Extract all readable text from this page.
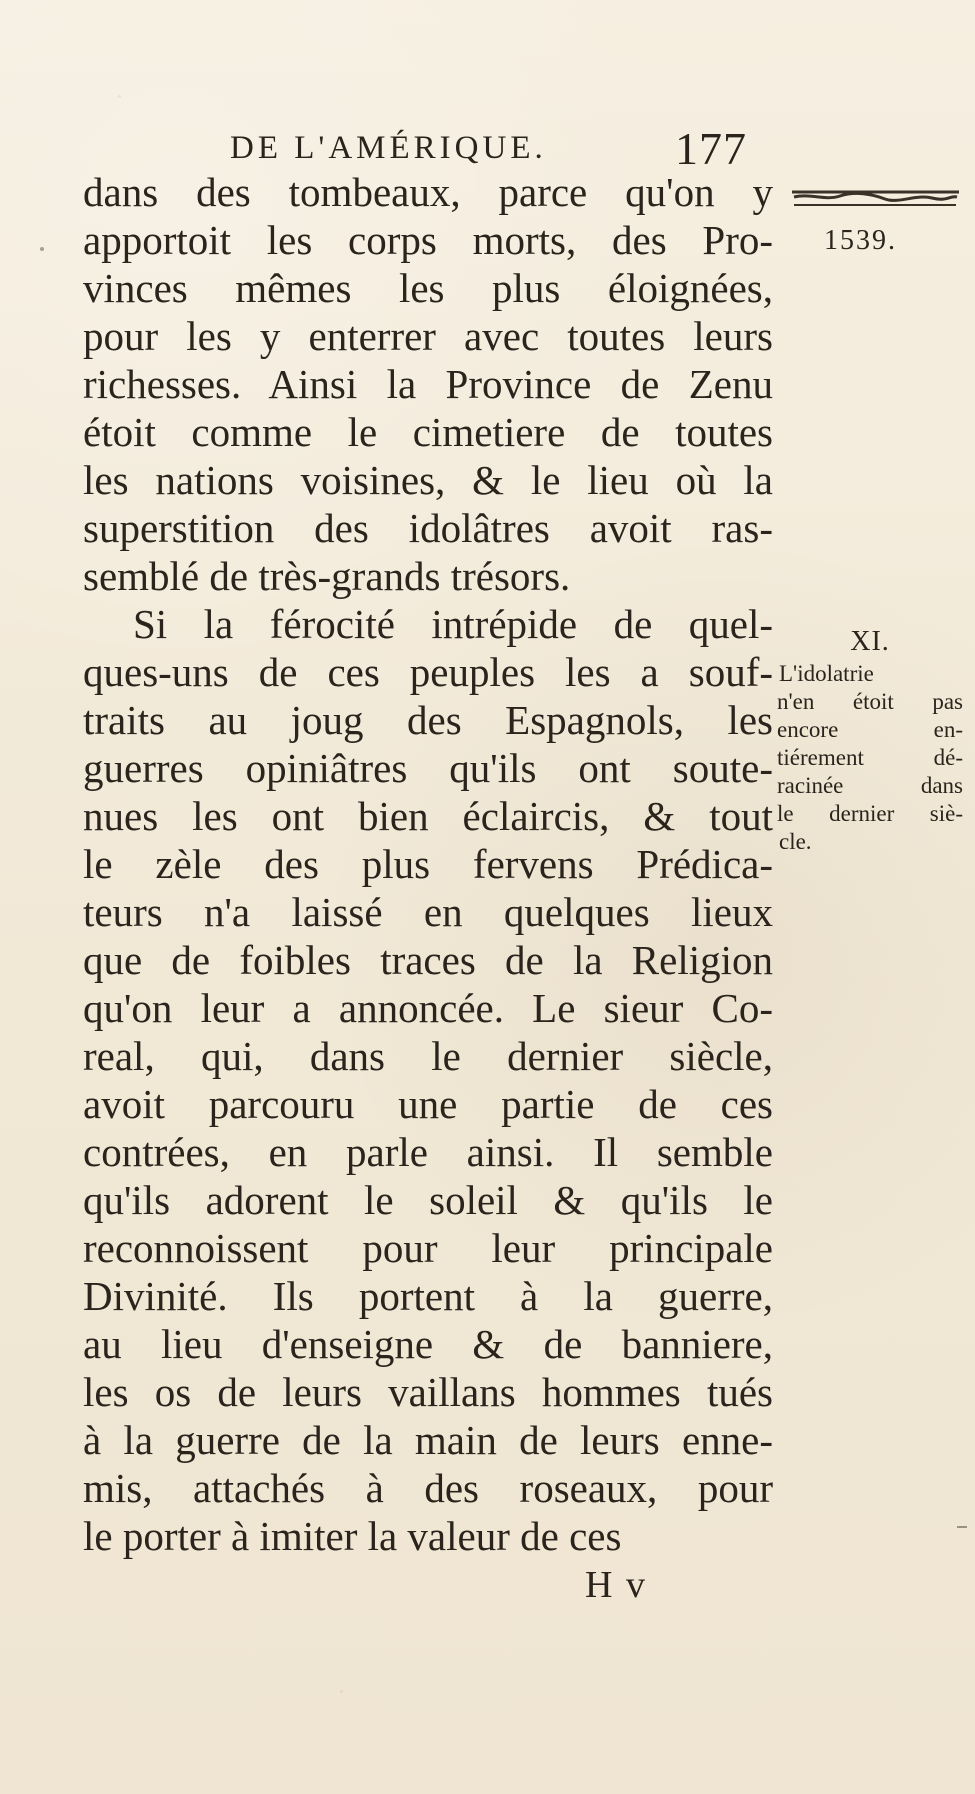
DE L'AMÉRIQUE.	177
1539.
XI.
L'idolatrie
n'en étoit pas
encore en-
tiérement dé-
racinée dans
le dernier siè-
cle.
dans des tombeaux, parce qu'on y
apportoit les corps morts, des Pro-
vinces mêmes les plus éloignées,
pour les y enterrer avec toutes leurs
richesses. Ainsi la Province de Zenu
étoit comme le cimetiere de toutes
les nations voisines, & le lieu où la
superstition des idolâtres avoit ras-
semblé de très-grands trésors.
Si la férocité intrépide de quel-
ques-uns de ces peuples les a souf-
traits au joug des Espagnols, les
guerres opiniâtres qu'ils ont soute-
nues les ont bien éclaircis, & tout
le zèle des plus fervens Prédica-
teurs n'a laissé en quelques lieux
que de foibles traces de la Religion
qu'on leur a annoncée. Le sieur Co-
real, qui, dans le dernier siècle,
avoit parcouru une partie de ces
contrées, en parle ainsi. Il semble
qu'ils adorent le soleil & qu'ils le
reconnoissent pour leur principale
Divinité. Ils portent à la guerre,
au lieu d'enseigne & de banniere,
les os de leurs vaillans hommes tués
à la guerre de la main de leurs enne-
mis, attachés à des roseaux, pour
le porter à imiter la valeur de ces
H v
